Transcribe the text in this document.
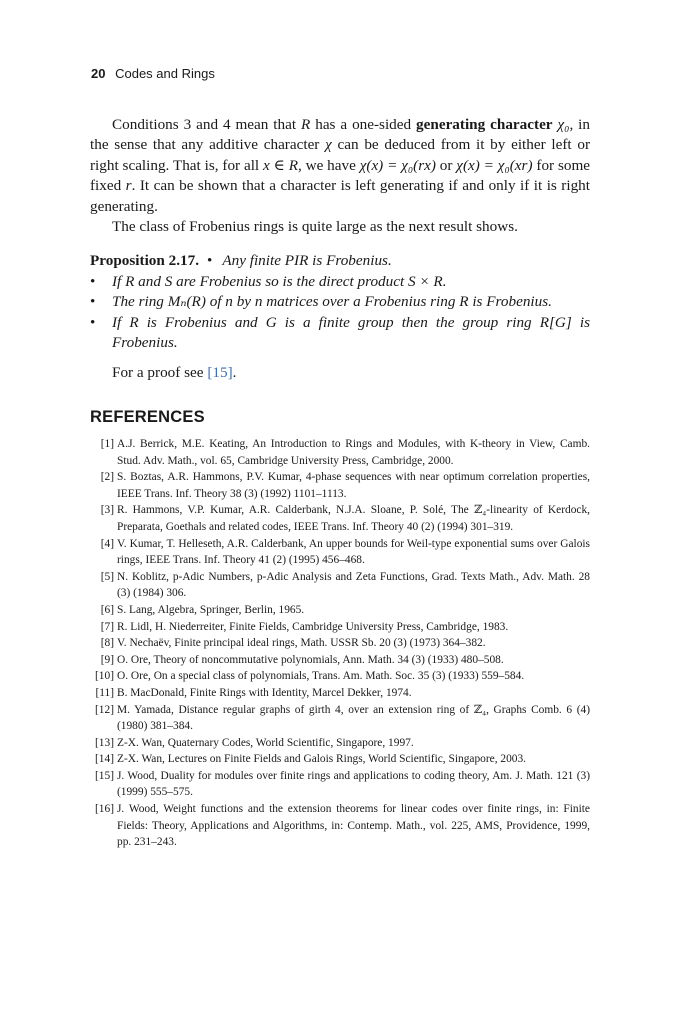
20 Codes and Rings

Conditions 3 and 4 mean that R has a one-sided generating character χ₀, in the sense that any additive character χ can be deduced from it by either left or right scaling. That is, for all x ∈ R, we have χ(x) = χ₀(rx) or χ(x) = χ₀(xr) for some fixed r. It can be shown that a character is left generating if and only if it is right generating.

The class of Frobenius rings is quite large as the next result shows.

Proposition 2.17. • Any finite PIR is Frobenius.

• If R and S are Frobenius so is the direct product S × R.
• The ring Mₙ(R) of n by n matrices over a Frobenius ring R is Frobenius.
• If R is Frobenius and G is a finite group then the group ring R[G] is Frobenius.

For a proof see [15].

REFERENCES
[1] A.J. Berrick, M.E. Keating, An Introduction to Rings and Modules, with K-theory in View, Camb. Stud. Adv. Math., vol. 65, Cambridge University Press, Cambridge, 2000.
[2] S. Boztas, A.R. Hammons, P.V. Kumar, 4-phase sequences with near optimum correlation properties, IEEE Trans. Inf. Theory 38 (3) (1992) 1101–1113.
[3] R. Hammons, V.P. Kumar, A.R. Calderbank, N.J.A. Sloane, P. Solé, The ℤ₄-linearity of Kerdock, Preparata, Goethals and related codes, IEEE Trans. Inf. Theory 40 (2) (1994) 301–319.
[4] V. Kumar, T. Helleseth, A.R. Calderbank, An upper bounds for Weil-type exponential sums over Galois rings, IEEE Trans. Inf. Theory 41 (2) (1995) 456–468.
[5] N. Koblitz, p-Adic Numbers, p-Adic Analysis and Zeta Functions, Grad. Texts Math., Adv. Math. 28 (3) (1984) 306.
[6] S. Lang, Algebra, Springer, Berlin, 1965.
[7] R. Lidl, H. Niederreiter, Finite Fields, Cambridge University Press, Cambridge, 1983.
[8] V. Nechaëv, Finite principal ideal rings, Math. USSR Sb. 20 (3) (1973) 364–382.
[9] O. Ore, Theory of noncommutative polynomials, Ann. Math. 34 (3) (1933) 480–508.
[10] O. Ore, On a special class of polynomials, Trans. Am. Math. Soc. 35 (3) (1933) 559–584.
[11] B. MacDonald, Finite Rings with Identity, Marcel Dekker, 1974.
[12] M. Yamada, Distance regular graphs of girth 4, over an extension ring of ℤ₄, Graphs Comb. 6 (4) (1980) 381–384.
[13] Z-X. Wan, Quaternary Codes, World Scientific, Singapore, 1997.
[14] Z-X. Wan, Lectures on Finite Fields and Galois Rings, World Scientific, Singapore, 2003.
[15] J. Wood, Duality for modules over finite rings and applications to coding theory, Am. J. Math. 121 (3) (1999) 555–575.
[16] J. Wood, Weight functions and the extension theorems for linear codes over finite rings, in: Finite Fields: Theory, Applications and Algorithms, in: Contemp. Math., vol. 225, AMS, Providence, 1999, pp. 231–243.
